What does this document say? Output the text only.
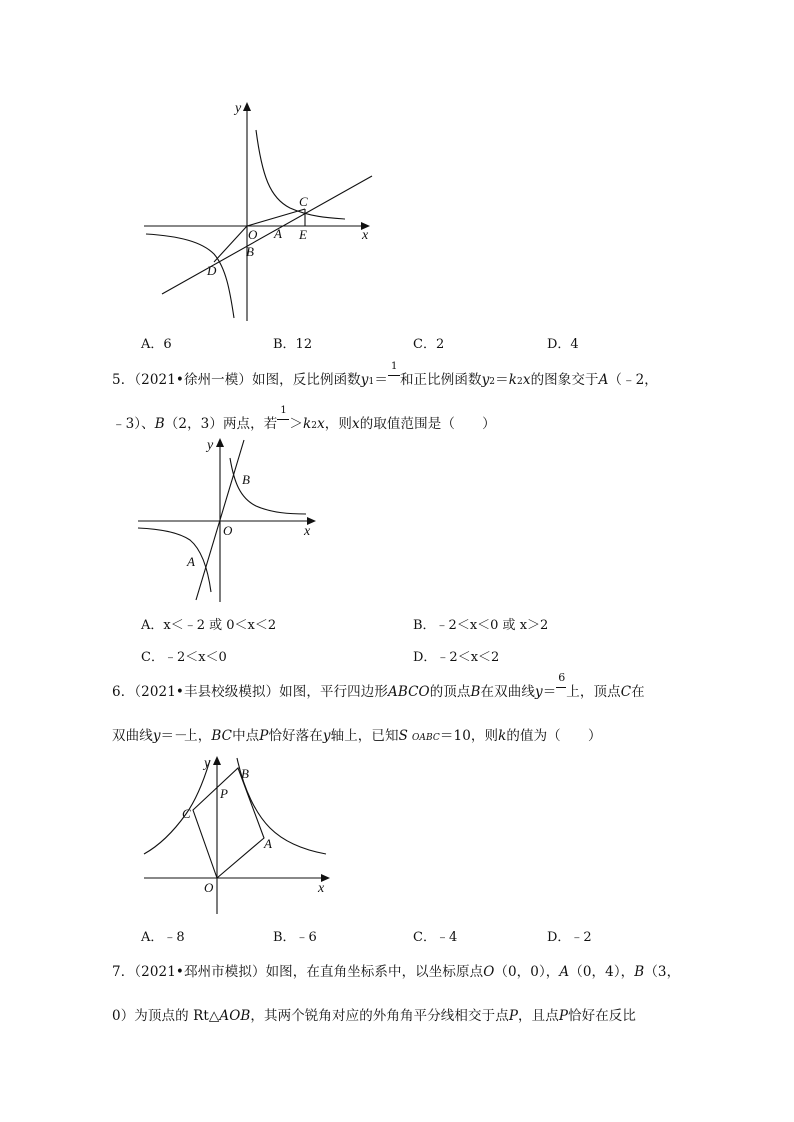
y
x
C
O A E
B
D
A．6	B．12	C．2	D．4
5．（2021•徐州一模）如图，反比例函数y1＝
1
和正比例函数y2＝k2x的图象交于A（﹣2，
﹣3）、B（2，3）两点，若
1
＞k2x，则x的取值范围是（　　）
y
x
O
B
A
A．x＜﹣2 或 0＜x＜2	B．﹣2＜x＜0 或 x＞2
C．﹣2＜x＜0	D．﹣2＜x＜2
6．（2021•丰县校级模拟）如图，平行四边形ABCO的顶点B在双曲线y＝
6
上，顶点C在
双曲线y＝－上，BC中点P恰好落在y轴上，已知S OABC＝10，则k的值为（　　）
y
x
O
A
B
C
P
A．﹣8	B．﹣6	C．﹣4	D．﹣2
7．（2021•邳州市模拟）如图，在直角坐标系中，以坐标原点O（0，0），A（0，4），B（3，
0）为顶点的 Rt△AOB，其两个锐角对应的外角角平分线相交于点P，且点P恰好在反比
